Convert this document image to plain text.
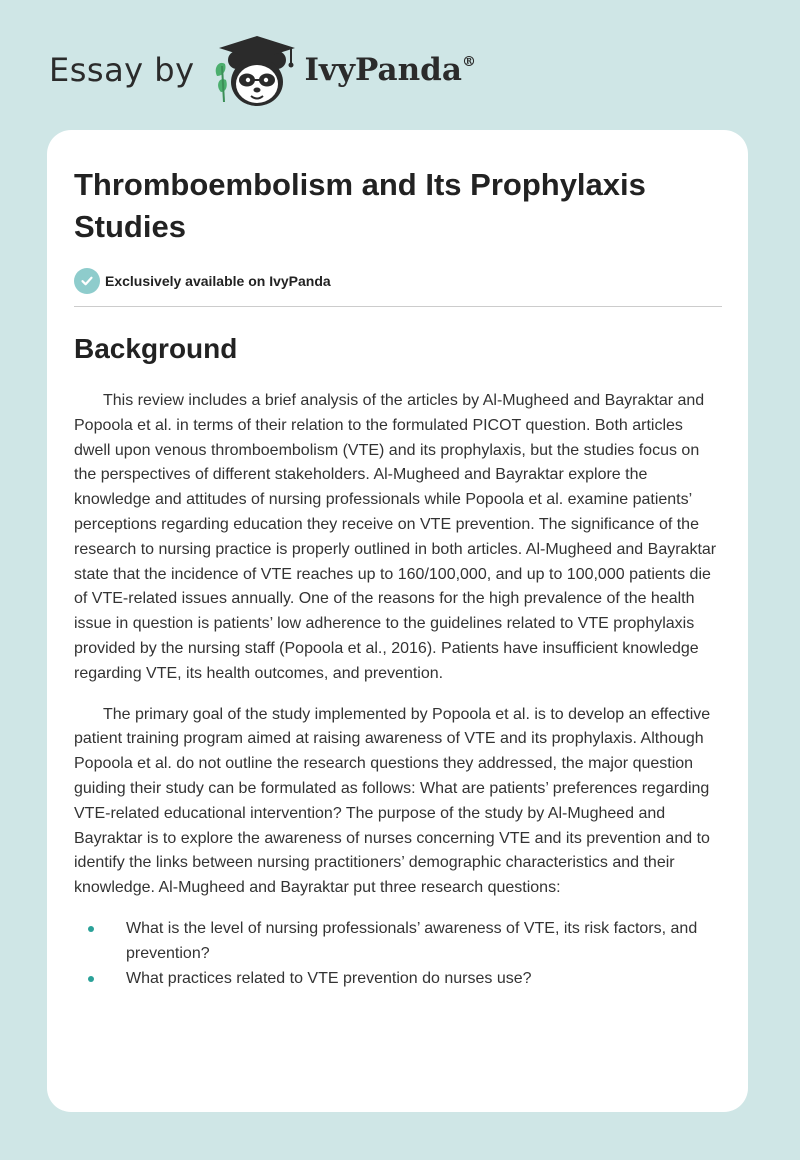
Essay by	IvyPanda®
Thromboembolism and Its Prophylaxis Studies
Exclusively available on IvyPanda
Background

This review includes a brief analysis of the articles by Al-Mugheed and Bayraktar and Popoola et al. in terms of their relation to the formulated PICOT question. Both articles dwell upon venous thromboembolism (VTE) and its prophylaxis, but the studies focus on the perspectives of different stakeholders. Al-Mugheed and Bayraktar explore the knowledge and attitudes of nursing professionals while Popoola et al. examine patients’ perceptions regarding education they receive on VTE prevention. The significance of the research to nursing practice is properly outlined in both articles. Al-Mugheed and Bayraktar state that the incidence of VTE reaches up to 160/100,000, and up to 100,000 patients die of VTE-related issues annually. One of the reasons for the high prevalence of the health issue in question is patients’ low adherence to the guidelines related to VTE prophylaxis provided by the nursing staff (Popoola et al., 2016). Patients have insufficient knowledge regarding VTE, its health outcomes, and prevention.

The primary goal of the study implemented by Popoola et al. is to develop an effective patient training program aimed at raising awareness of VTE and its prophylaxis. Although Popoola et al. do not outline the research questions they addressed, the major question guiding their study can be formulated as follows: What are patients’ preferences regarding VTE-related educational intervention? The purpose of the study by Al-Mugheed and Bayraktar is to explore the awareness of nurses concerning VTE and its prevention and to identify the links between nursing practitioners’ demographic characteristics and their knowledge. Al-Mugheed and Bayraktar put three research questions:

What is the level of nursing professionals’ awareness of VTE, its risk factors, and prevention?
What practices related to VTE prevention do nurses use?
